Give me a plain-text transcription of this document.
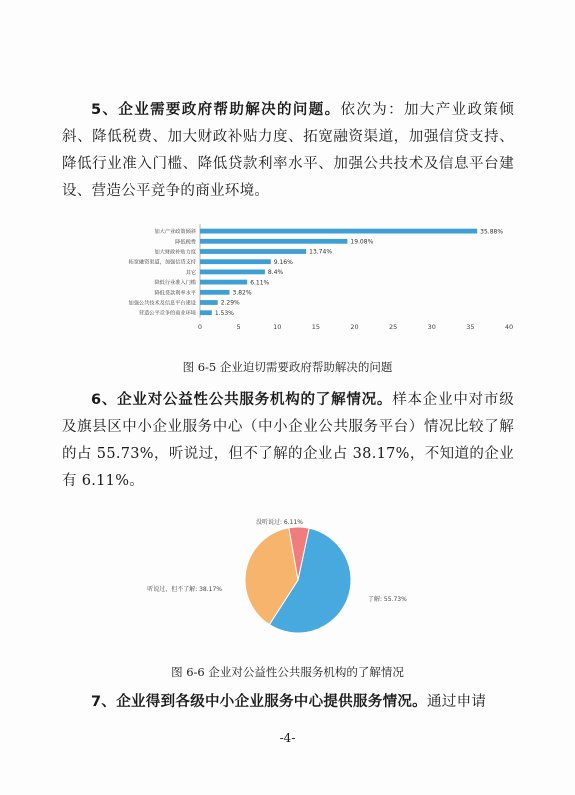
5、企业需要政府帮助解决的问题。依次为：加大产业政策倾斜、降低税费、加大财政补贴力度、拓宽融资渠道，加强信贷支持、降低行业准入门槛、降低贷款利率水平、加强公共技术及信息平台建设、营造公平竞争的商业环境。
加大产业政策倾斜	35.88%
降低税费	19.08%
加大财政补贴力度	13.74%
拓宽融资渠道，加强信贷支持	9.16%
其它	8.4%
降低行业准入门槛	6.11%
降低贷款利率水平	3.82%
加强公共技术及信息平台建设	2.29%
营造公平竞争的商业环境	1.53%
0	5	10	15	20	25	30	35	40
图 6-5 企业迫切需要政府帮助解决的问题
6、企业对公益性公共服务机构的了解情况。样本企业中对市级及旗县区中小企业服务中心（中小企业公共服务平台）情况比较了解的占 55.73%，听说过，但不了解的企业占 38.17%，不知道的企业有 6.11%。
了解: 55.73%
听说过，但不了解: 38.17%
没听说过: 6.11%
图 6-6 企业对公益性公共服务机构的了解情况
7、企业得到各级中小企业服务中心提供服务情况。通过申请
-4-
